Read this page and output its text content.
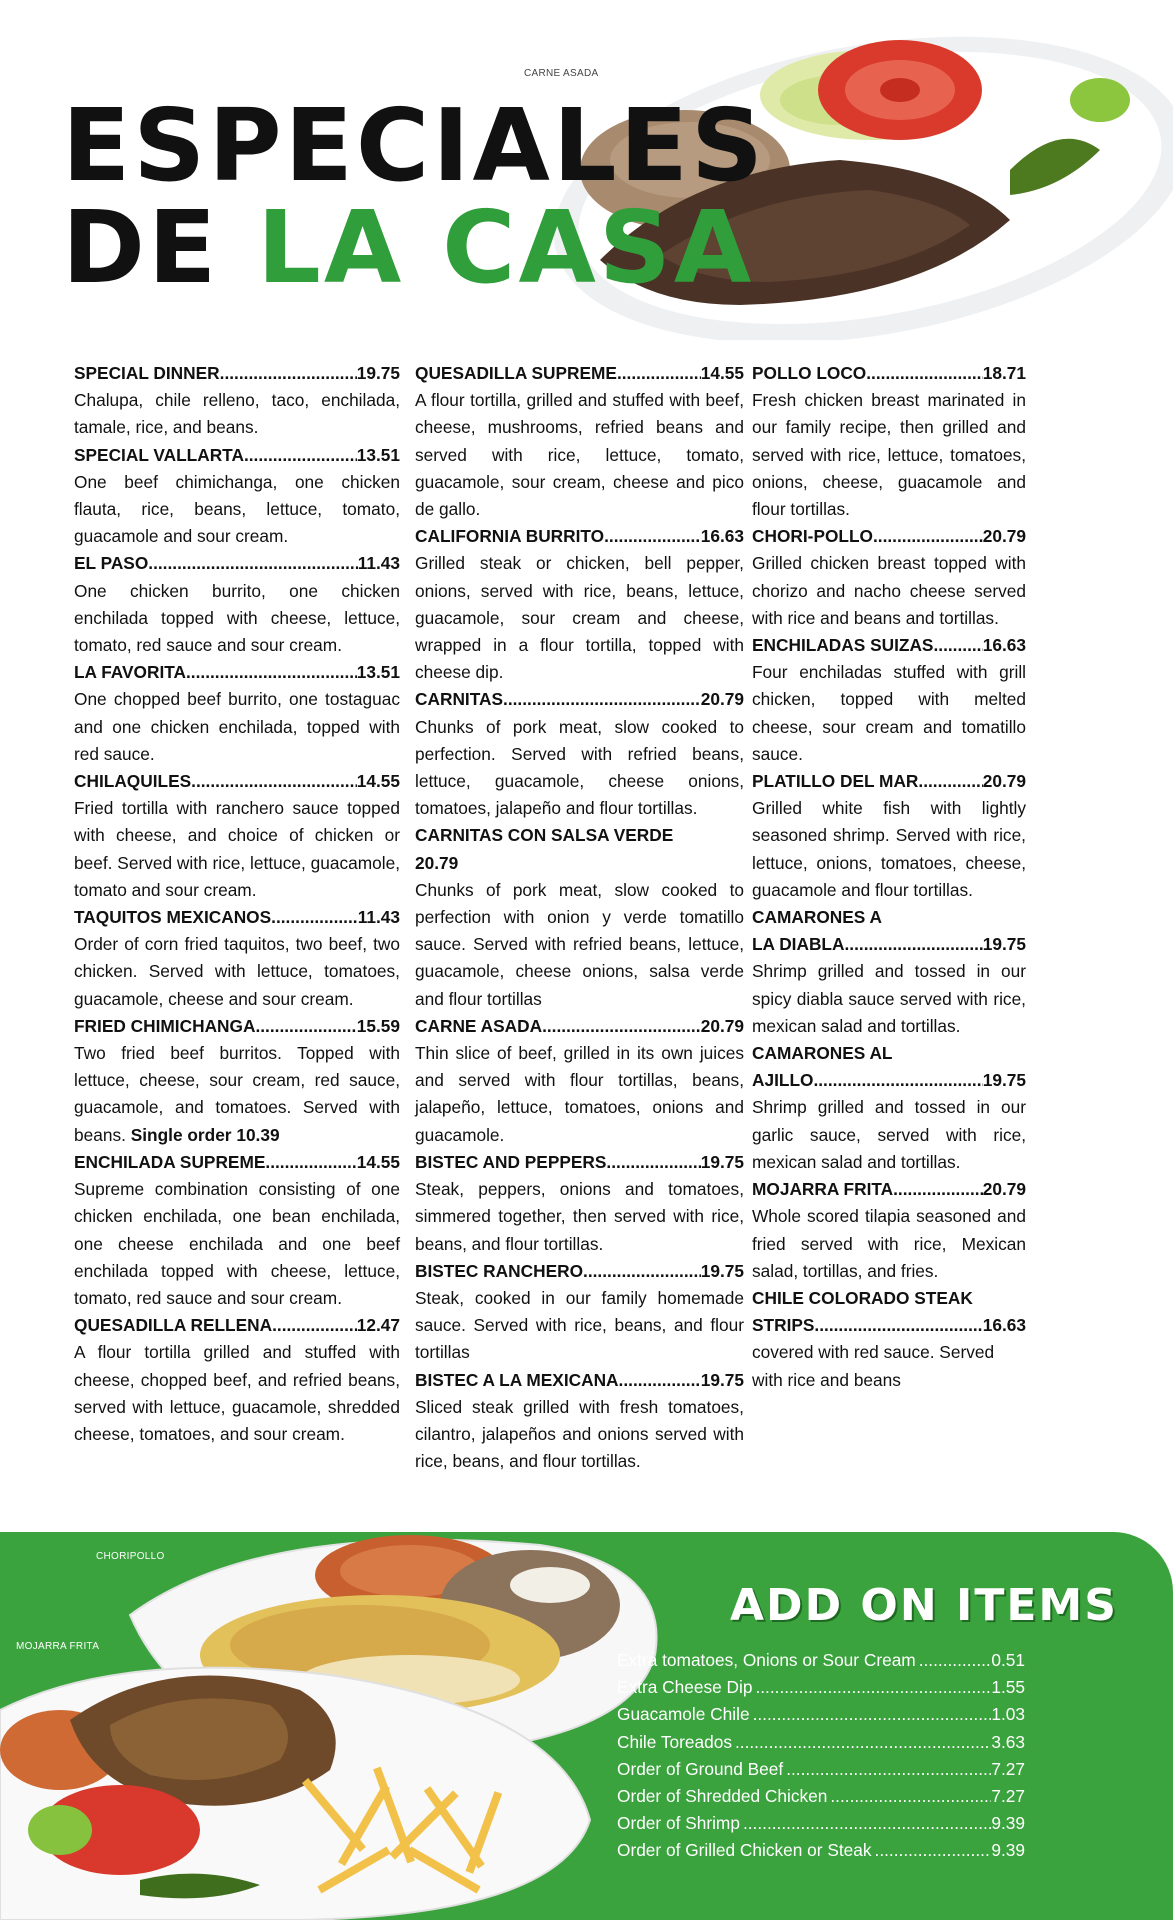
CARNE ASADA
ESPECIALES
DE LA CASA
SPECIAL DINNER .....	19.75

Chalupa, chile relleno, taco, enchilada, tamale, rice, and beans.

SPECIAL VALLARTA .....	13.51

One beef chimichanga, one chicken flauta, rice, beans, lettuce, tomato, guacamole and sour cream.

EL PASO .....	11.43

One chicken burrito, one chicken enchilada topped with cheese, lettuce, tomato, red sauce and sour cream.

LA FAVORITA .....	13.51

One chopped beef burrito, one tostaguac and one chicken enchilada, topped with red sauce.

CHILAQUILES .....	14.55

Fried tortilla with ranchero sauce topped with cheese, and choice of chicken or beef. Served with rice, lettuce, guacamole, tomato and sour cream.

TAQUITOS MEXICANOS .....	11.43

Order of corn fried taquitos, two beef, two chicken. Served with lettuce, tomatoes, guacamole, cheese and sour cream.

FRIED CHIMICHANGA .....	15.59

Two fried beef burritos. Topped with lettuce, cheese, sour cream, red sauce, guacamole, and tomatoes. Served with beans. Single order 10.39

ENCHILADA SUPREME .....	14.55

Supreme combination consisting of one chicken enchilada, one bean enchilada, one cheese enchilada and one beef enchilada topped with cheese, lettuce, tomato, red sauce and sour cream.

QUESADILLA RELLENA .....	12.47

A flour tortilla grilled and stuffed with cheese, chopped beef, and refried beans, served with lettuce, guacamole, shredded cheese, tomatoes, and sour cream.

QUESADILLA SUPREME .....	14.55

A flour tortilla, grilled and stuffed with beef, cheese, mushrooms, refried beans and served with rice, lettuce, tomato, guacamole, sour cream, cheese and pico de gallo.

CALIFORNIA BURRITO .....	16.63

Grilled steak or chicken, bell pepper, onions, served with rice, beans, lettuce, guacamole, sour cream and cheese, wrapped in a flour tortilla, topped with cheese dip.

CARNITAS .....	20.79

Chunks of pork meat, slow cooked to perfection. Served with refried beans, lettuce, guacamole, cheese onions, tomatoes, jalapeño and flour tortillas.

CARNITAS CON SALSA VERDE
20.79

Chunks of pork meat, slow cooked to perfection with onion y verde tomatillo sauce. Served with refried beans, lettuce, guacamole, cheese onions, salsa verde and flour tortillas

CARNE ASADA .....	20.79

Thin slice of beef, grilled in its own juices and served with flour tortillas, beans, jalapeño, lettuce, tomatoes, onions and guacamole.

BISTEC AND PEPPERS .....	19.75

Steak, peppers, onions and tomatoes, simmered together, then served with rice, beans, and flour tortillas.

BISTEC RANCHERO .....	19.75

Steak, cooked in our family homemade sauce. Served with rice, beans, and flour tortillas

BISTEC A LA MEXICANA .....	19.75

Sliced steak grilled with fresh tomatoes, cilantro, jalapeños and onions served with rice, beans, and flour tortillas.

POLLO LOCO .....	18.71

Fresh chicken breast marinated in our family recipe, then grilled and served with rice, lettuce, tomatoes, onions, cheese, guacamole and flour tortillas.

CHORI-POLLO .....	20.79

Grilled chicken breast topped with chorizo and nacho cheese served with rice and beans and tortillas.

ENCHILADAS SUIZAS .....	16.63

Four enchiladas stuffed with grill chicken, topped with melted cheese, sour cream and tomatillo sauce.

PLATILLO DEL MAR .....	20.79

Grilled white fish with lightly seasoned shrimp. Served with rice, lettuce, onions, tomatoes, cheese, guacamole and flour tortillas.

CAMARONES A
LA DIABLA .....	19.75

Shrimp grilled and tossed in our spicy diabla sauce served with rice, mexican salad and tortillas.

CAMARONES AL
AJILLO .....	19.75

Shrimp grilled and tossed in our garlic sauce, served with rice, mexican salad and tortillas.

MOJARRA FRITA .....	20.79

Whole scored tilapia seasoned and fried served with rice, Mexican salad, tortillas, and fries.

CHILE COLORADO STEAK
STRIPS .....	16.63

covered with red sauce. Served with rice and beans

CHORIPOLLO
MOJARRA FRITA
ADD ON ITEMS
Extra tomatoes, Onions or Sour Cream .....	0.51
Extra Cheese Dip .....	1.55
Guacamole Chile .....	1.03
Chile Toreados .....	3.63
Order of Ground Beef .....	7.27
Order of Shredded Chicken .....	7.27
Order of Shrimp .....	9.39
Order of Grilled Chicken or Steak .....	9.39
